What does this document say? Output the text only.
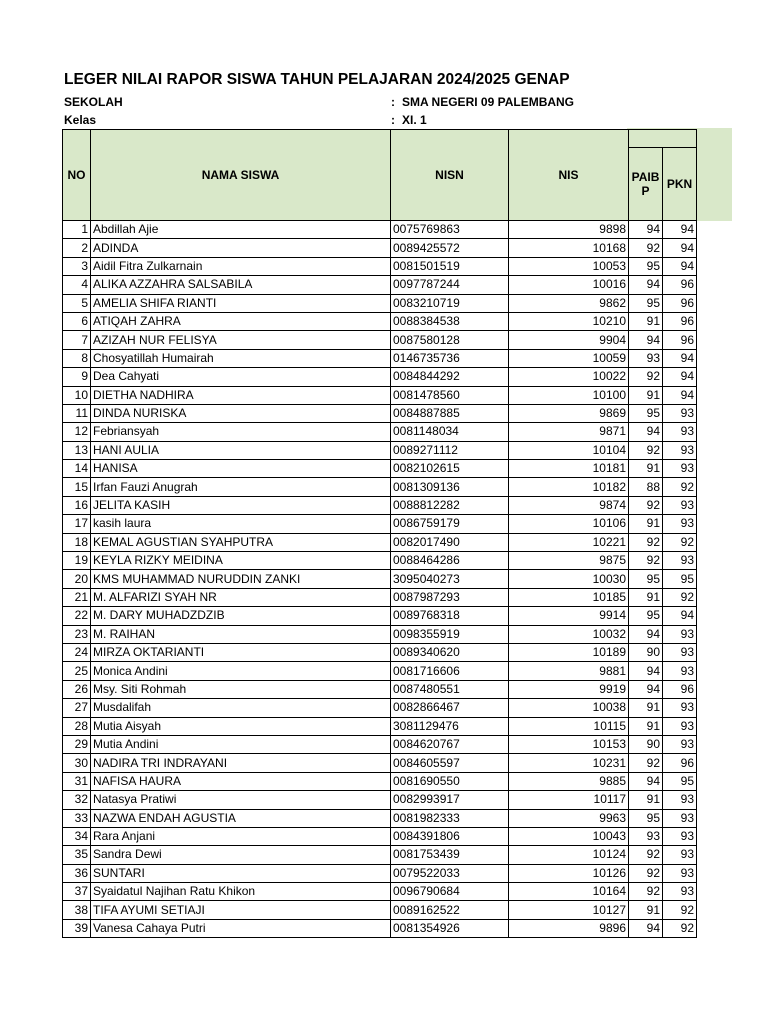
LEGER NILAI RAPOR SISWA TAHUN PELAJARAN 2024/2025 GENAP
SEKOLAH	: SMA NEGERI 09 PALEMBANG
Kelas	: XI. 1
NO	NAMA SISWA	NISN	NIS		
				PAIBP	PKN
1	Abdillah Ajie	0075769863	9898	94	94
2	ADINDA	0089425572	10168	92	94
3	Aidil Fitra Zulkarnain	0081501519	10053	95	94
4	ALIKA AZZAHRA SALSABILA	0097787244	10016	94	96
5	AMELIA SHIFA RIANTI	0083210719	9862	95	96
6	ATIQAH ZAHRA	0088384538	10210	91	96
7	AZIZAH NUR FELISYA	0087580128	9904	94	96
8	Chosyatillah Humairah	0146735736	10059	93	94
9	Dea Cahyati	0084844292	10022	92	94
10	DIETHA NADHIRA	0081478560	10100	91	94
11	DINDA NURISKA	0084887885	9869	95	93
12	Febriansyah	0081148034	9871	94	93
13	HANI AULIA	0089271112	10104	92	93
14	HANISA	0082102615	10181	91	93
15	Irfan Fauzi Anugrah	0081309136	10182	88	92
16	JELITA KASIH	0088812282	9874	92	93
17	kasih laura	0086759179	10106	91	93
18	KEMAL AGUSTIAN SYAHPUTRA	0082017490	10221	92	92
19	KEYLA RIZKY MEIDINA	0088464286	9875	92	93
20	KMS MUHAMMAD NURUDDIN ZANKI	3095040273	10030	95	95
21	M. ALFARIZI SYAH NR	0087987293	10185	91	92
22	M. DARY MUHADZDZIB	0089768318	9914	95	94
23	M. RAIHAN	0098355919	10032	94	93
24	MIRZA OKTARIANTI	0089340620	10189	90	93
25	Monica Andini	0081716606	9881	94	93
26	Msy. Siti Rohmah	0087480551	9919	94	96
27	Musdalifah	0082866467	10038	91	93
28	Mutia Aisyah	3081129476	10115	91	93
29	Mutia Andini	0084620767	10153	90	93
30	NADIRA TRI INDRAYANI	0084605597	10231	92	96
31	NAFISA HAURA	0081690550	9885	94	95
32	Natasya Pratiwi	0082993917	10117	91	93
33	NAZWA ENDAH AGUSTIA	0081982333	9963	95	93
34	Rara Anjani	0084391806	10043	93	93
35	Sandra Dewi	0081753439	10124	92	93
36	SUNTARI	0079522033	10126	92	93
37	Syaidatul Najihan Ratu Khikon	0096790684	10164	92	93
38	TIFA AYUMI SETIAJI	0089162522	10127	91	92
39	Vanesa Cahaya Putri	0081354926	9896	94	92
